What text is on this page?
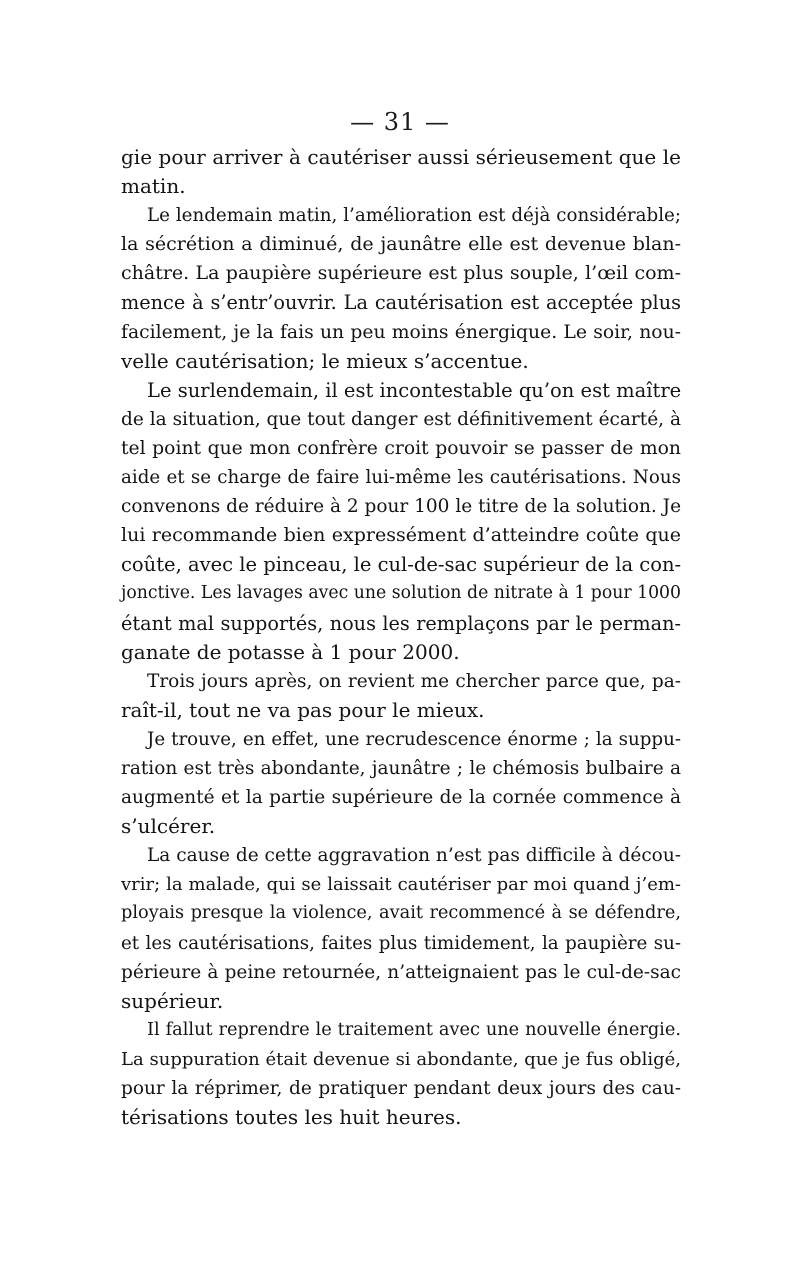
— 31 —
gie pour arriver à cautériser aussi sérieusement que le
matin.
Le lendemain matin, l’amélioration est déjà considérable;
la sécrétion a diminué, de jaunâtre elle est devenue blan-
châtre. La paupière supérieure est plus souple, l’œil com-
mence à s’entr’ouvrir. La cautérisation est acceptée plus
facilement, je la fais un peu moins énergique. Le soir, nou-
velle cautérisation; le mieux s’accentue.
Le surlendemain, il est incontestable qu’on est maître
de la situation, que tout danger est définitivement écarté, à
tel point que mon confrère croit pouvoir se passer de mon
aide et se charge de faire lui-même les cautérisations. Nous
convenons de réduire à 2 pour 100 le titre de la solution. Je
lui recommande bien expressément d’atteindre coûte que
coûte, avec le pinceau, le cul-de-sac supérieur de la con-
jonctive. Les lavages avec une solution de nitrate à 1 pour 1000
étant mal supportés, nous les remplaçons par le perman-
ganate de potasse à 1 pour 2000.
Trois jours après, on revient me chercher parce que, pa-
raît-il, tout ne va pas pour le mieux.
Je trouve, en effet, une recrudescence énorme ; la suppu-
ration est très abondante, jaunâtre ; le chémosis bulbaire a
augmenté et la partie supérieure de la cornée commence à
s’ulcérer.
La cause de cette aggravation n’est pas difficile à décou-
vrir; la malade, qui se laissait cautériser par moi quand j’em-
ployais presque la violence, avait recommencé à se défendre,
et les cautérisations, faites plus timidement, la paupière su-
périeure à peine retournée, n’atteignaient pas le cul-de-sac
supérieur.
Il fallut reprendre le traitement avec une nouvelle énergie.
La suppuration était devenue si abondante, que je fus obligé,
pour la réprimer, de pratiquer pendant deux jours des cau-
térisations toutes les huit heures.
